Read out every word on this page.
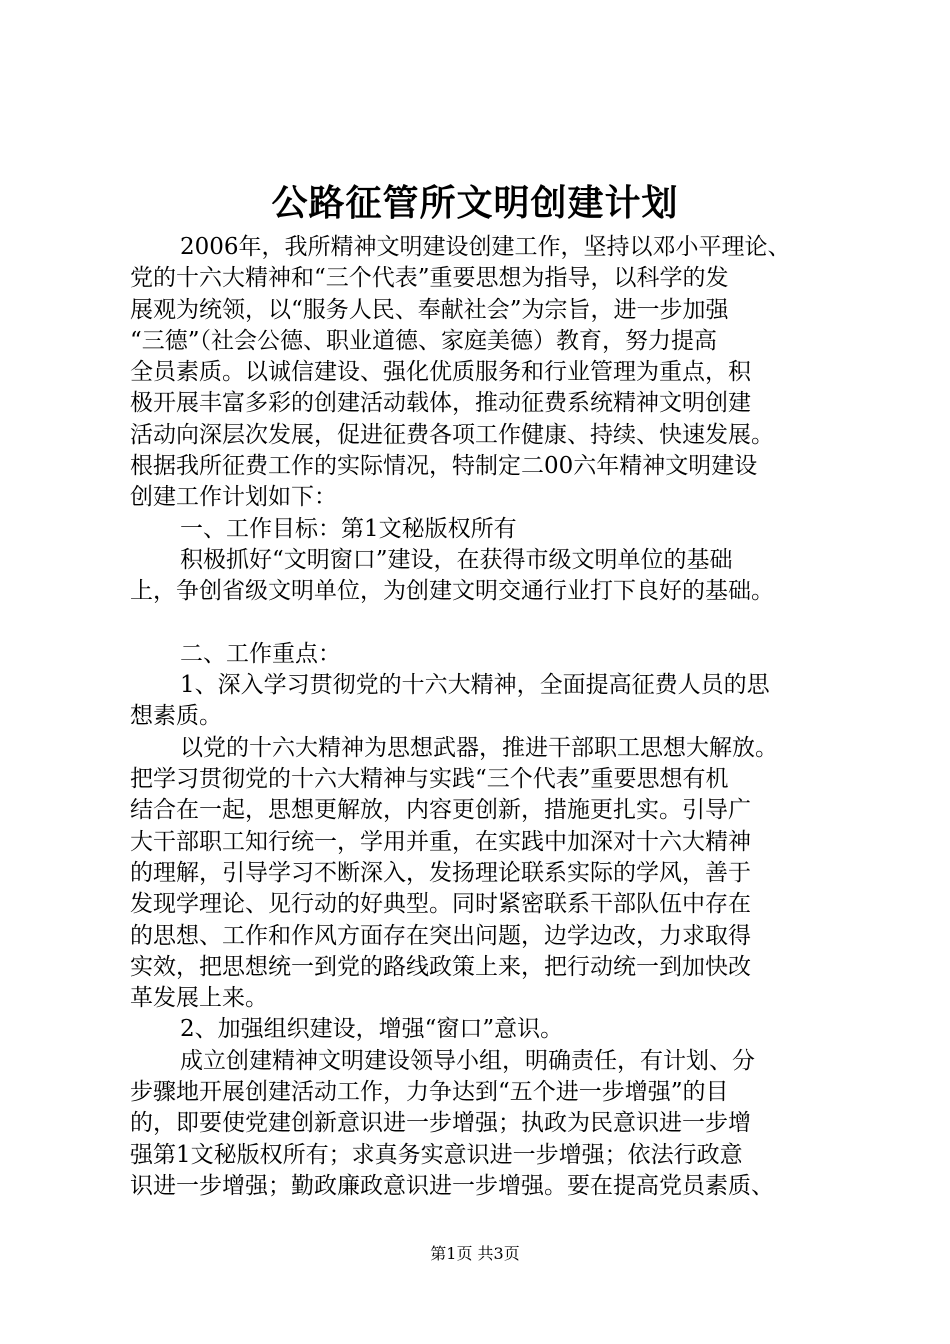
公路征管所文明创建计划
2006年，我所精神文明建设创建工作，坚持以邓小平理论、
党的十六大精神和“三个代表”重要思想为指导，以科学的发
展观为统领，以“服务人民、奉献社会”为宗旨，进一步加强
“三德”（社会公德、职业道德、家庭美德）教育，努力提高
全员素质。以诚信建设、强化优质服务和行业管理为重点，积
极开展丰富多彩的创建活动载体，推动征费系统精神文明创建
活动向深层次发展，促进征费各项工作健康、持续、快速发展。
根据我所征费工作的实际情况，特制定二00六年精神文明建设
创建工作计划如下：
一、工作目标：第1文秘版权所有
积极抓好“文明窗口”建设，在获得市级文明单位的基础
上，争创省级文明单位，为创建文明交通行业打下良好的基础。
二、工作重点：
1、深入学习贯彻党的十六大精神，全面提高征费人员的思
想素质。
以党的十六大精神为思想武器，推进干部职工思想大解放。
把学习贯彻党的十六大精神与实践“三个代表”重要思想有机
结合在一起，思想更解放，内容更创新，措施更扎实。引导广
大干部职工知行统一，学用并重，在实践中加深对十六大精神
的理解，引导学习不断深入，发扬理论联系实际的学风，善于
发现学理论、见行动的好典型。同时紧密联系干部队伍中存在
的思想、工作和作风方面存在突出问题，边学边改，力求取得
实效，把思想统一到党的路线政策上来，把行动统一到加快改
革发展上来。
2、加强组织建设，增强“窗口”意识。
成立创建精神文明建设领导小组，明确责任，有计划、分
步骤地开展创建活动工作，力争达到“五个进一步增强”的目
的，即要使党建创新意识进一步增强；执政为民意识进一步增
强第1文秘版权所有；求真务实意识进一步增强；依法行政意
识进一步增强；勤政廉政意识进一步增强。要在提高党员素质、
第1页 共3页
